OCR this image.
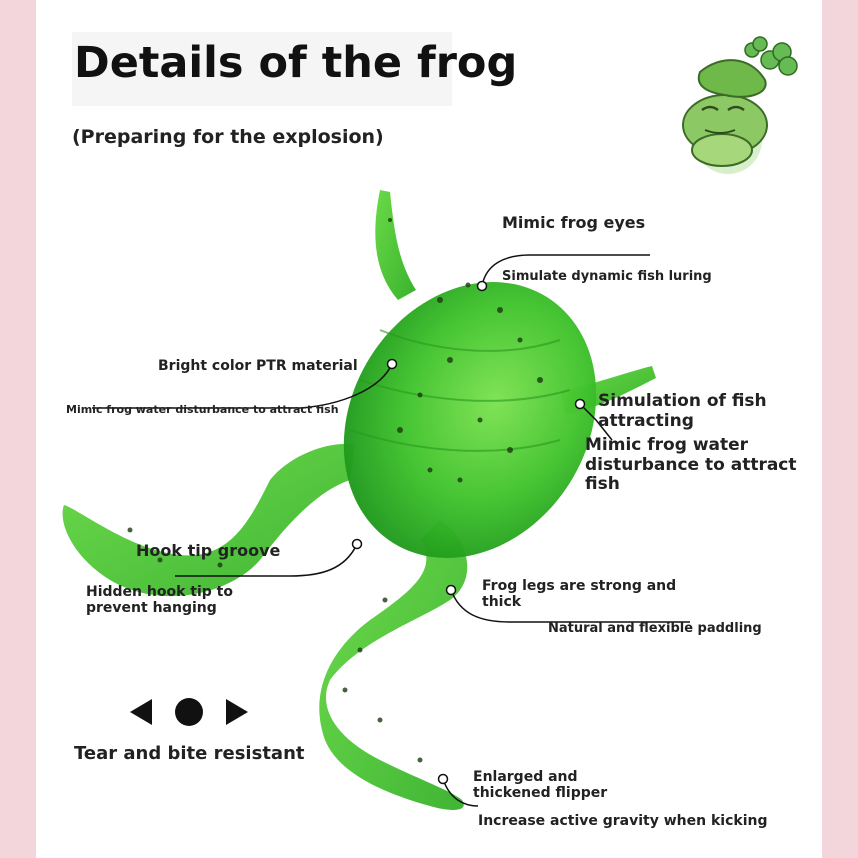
Details of the frog
(Preparing for the explosion)
Mimic frog eyes
Simulate dynamic fish luring
Bright color PTR material
Mimic frog water disturbance to attract fish	Simulation of fish attracting
Mimic frog water disturbance to attract fish
Hook tip groove
Hidden hook tip to prevent hanging
Frog legs are strong and thick
Natural and flexible paddling
Enlarged and thickened flipper
Increase active gravity when kicking
Tear and bite resistant
